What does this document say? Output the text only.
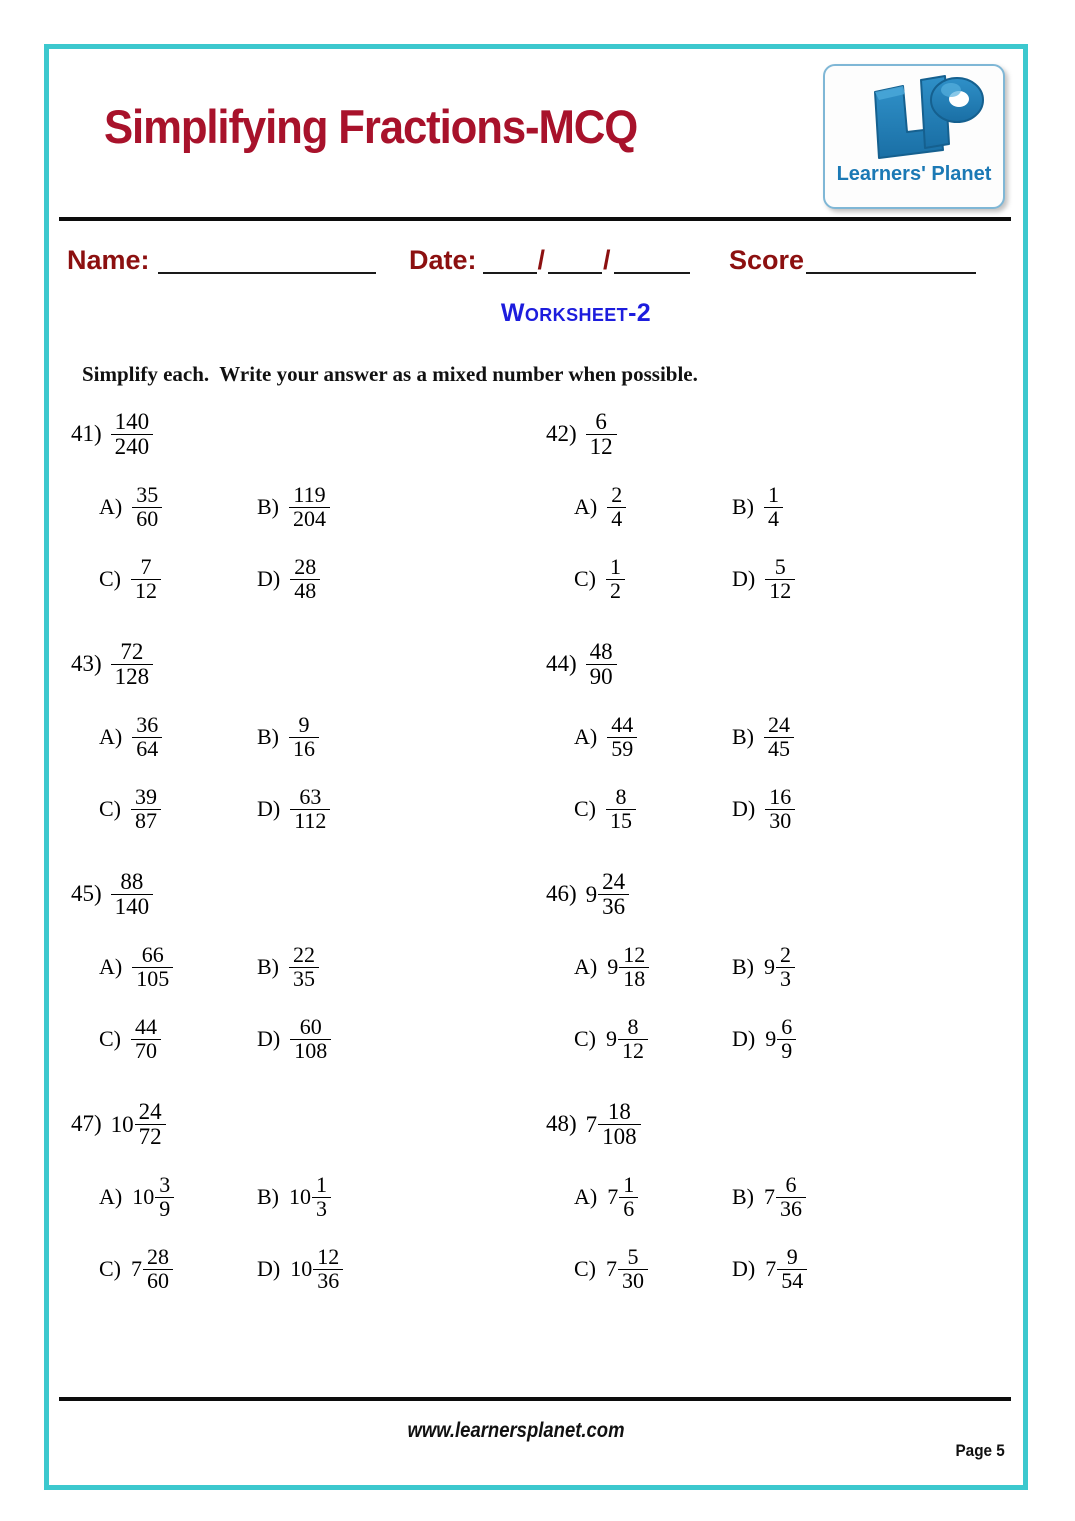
Simplifying Fractions-MCQ
Learners' Planet
Name:	Date: / /	Score
Worksheet-2
Simplify each.  Write your answer as a mixed number when possible.
$41) \frac{140}{240}$
$A) \frac{35}{60}$	$B) \frac{119}{204}$
$C) \frac{7}{12}$	$D) \frac{28}{48}$
$42) \frac{6}{12}$
$A) \frac{2}{4}$	$B) \frac{1}{4}$
$C) \frac{1}{2}$	$D) \frac{5}{12}$
$43) \frac{72}{128}$
$A) \frac{36}{64}$	$B) \frac{9}{16}$
$C) \frac{39}{87}$	$D) \frac{63}{112}$
$44) \frac{48}{90}$
$A) \frac{44}{59}$	$B) \frac{24}{45}$
$C) \frac{8}{15}$	$D) \frac{16}{30}$
$45) \frac{88}{140}$
$A) \frac{66}{105}$	$B) \frac{22}{35}$
$C) \frac{44}{70}$	$D) \frac{60}{108}$
46) $9 \frac{24}{36}$
A) $9 \frac{12}{18}$	B) $9 \frac{2}{3}$
C) $9 \frac{8}{12}$	D) $9 \frac{6}{9}$
47) $10 \frac{24}{72}$
A) $10 \frac{3}{9}$	B) $10 \frac{1}{3}$
C) $7 \frac{28}{60}$	D) $10 \frac{12}{36}$
48) $7 \frac{18}{108}$
A) $7 \frac{1}{6}$	B) $7 \frac{6}{36}$
C) $7 \frac{5}{30}$	D) $7 \frac{9}{54}$
www.learnersplanet.com
Page 5
